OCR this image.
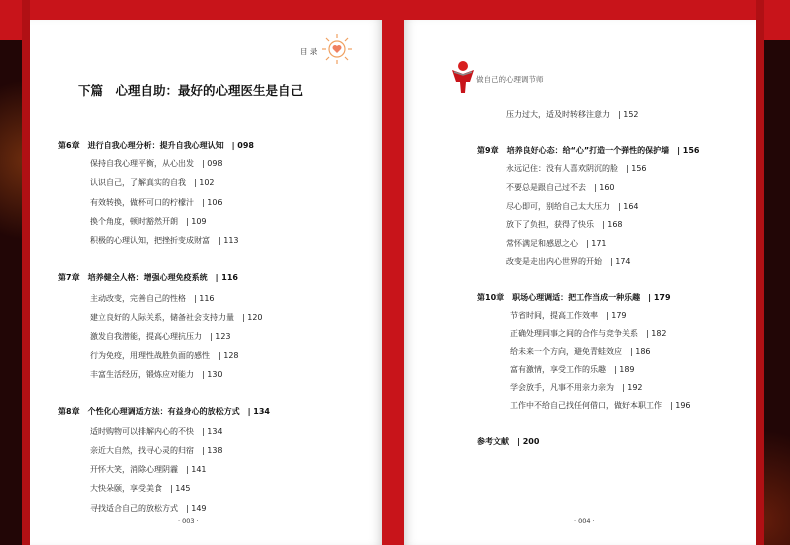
目 录
下篇　心理自助：最好的心理医生是自己
第6章　进行自我心理分析：提升自我心理认知　| 098
保持自我心理平衡，从心出发　| 098
认识自己，了解真实的自我　| 102
有效转换，做杯可口的柠檬汁　| 106
换个角度，顿时豁然开朗　| 109
积极的心理认知，把挫折变成财富　| 113
第7章　培养健全人格：增强心理免疫系统　| 116
主动改变，完善自己的性格　| 116
建立良好的人际关系，储备社会支持力量　| 120
激发自我潜能，提高心理抗压力　| 123
行为免疫，用理性战胜负面的感性　| 128
丰富生活经历，锻炼应对能力　| 130
第8章　个性化心理调适方法：有益身心的放松方式　| 134
适时购物可以排解内心的不快　| 134
亲近大自然，找寻心灵的归宿　| 138
开怀大笑，消除心理阴霾　| 141
大快朵颐，享受美食　| 145
寻找适合自己的放松方式　| 149
· 003 ·
做自己的心理调节师
压力过大，适及时转移注意力　| 152
第9章　培养良好心态：给“心”打造一个弹性的保护墙　| 156
永远记住：没有人喜欢阴沉的脸　| 156
不要总是跟自己过不去　| 160
尽心即可，别给自己太大压力　| 164
放下了负担，获得了快乐　| 168
常怀满足和感恩之心　| 171
改变是走出内心世界的开始　| 174
第10章　职场心理调适：把工作当成一种乐趣　| 179
节省时间，提高工作效率　| 179
正确处理同事之间的合作与竞争关系　| 182
给未来一个方向，避免青蛙效应　| 186
富有激情，享受工作的乐趣　| 189
学会放手，凡事不用亲力亲为　| 192
工作中不给自己找任何借口，做好本职工作　| 196
参考文献　| 200
· 004 ·
